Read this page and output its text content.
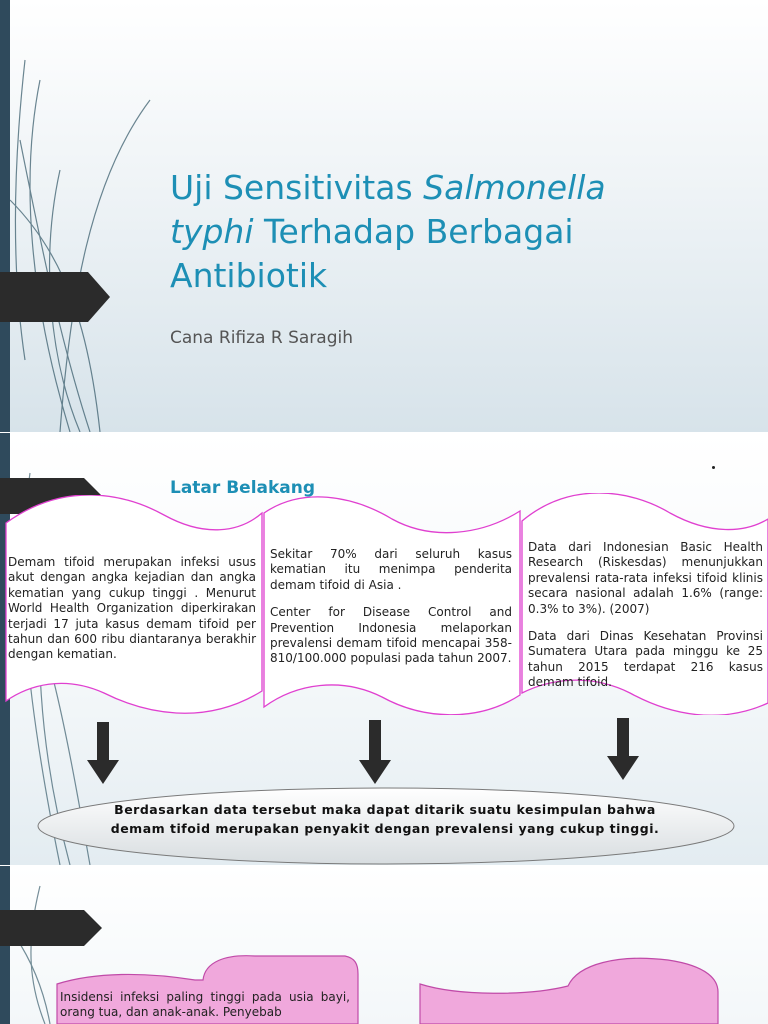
Uji Sensitivitas Salmonella
typhi Terhadap Berbagai Antibiotik

Cana Rifiza R Saragih

Latar Belakang
Demam tifoid merupakan infeksi usus akut dengan angka kejadian dan angka kematian yang cukup tinggi . Menurut World Health Organization diperkirakan terjadi 17 juta kasus demam tifoid per tahun dan 600 ribu diantaranya berakhir dengan kematian.

Sekitar 70% dari seluruh kasus kematian itu menimpa penderita demam tifoid di Asia .

Center for Disease Control and Prevention Indonesia melaporkan prevalensi demam tifoid mencapai 358-810/100.000 populasi pada tahun 2007.

Data dari Indonesian Basic Health Research (Riskesdas) menunjukkan prevalensi rata-rata infeksi tifoid klinis secara nasional adalah 1.6% (range: 0.3% to 3%). (2007)

Data dari Dinas Kesehatan Provinsi Sumatera Utara pada minggu ke 25 tahun 2015 terdapat 216 kasus demam tifoid.

Berdasarkan data tersebut maka dapat ditarik suatu kesimpulan bahwa demam tifoid merupakan penyakit dengan prevalensi yang cukup tinggi.
Insidensi infeksi paling tinggi pada usia bayi, orang tua, dan anak-anak. Penyebab
